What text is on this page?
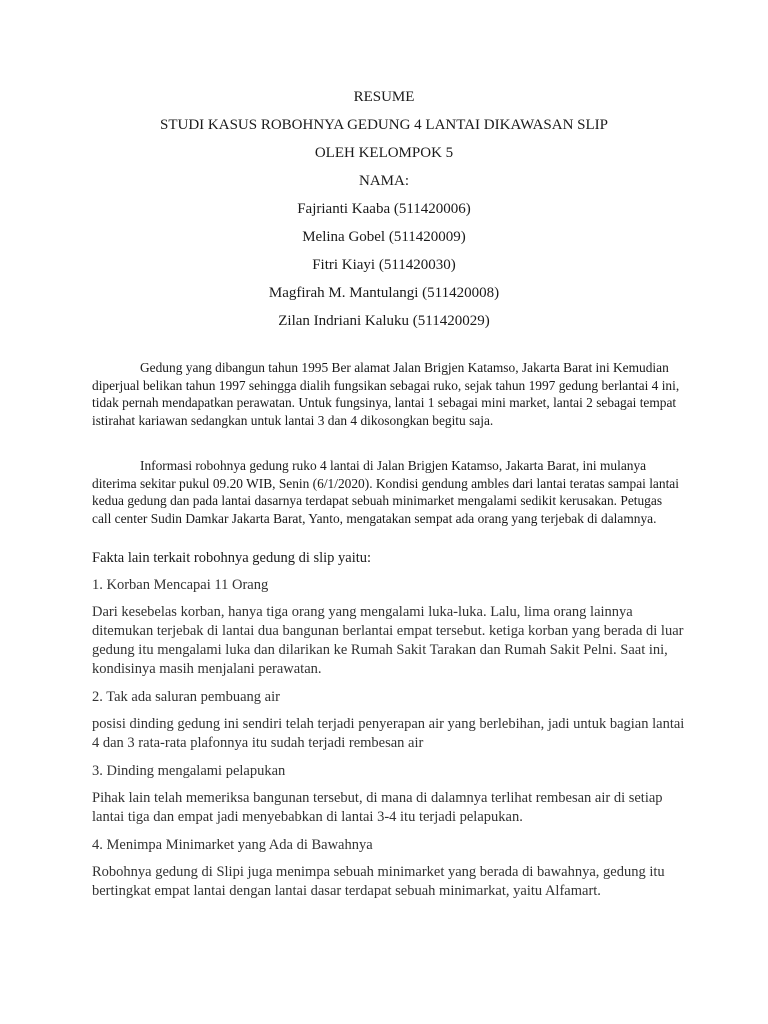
RESUME
STUDI KASUS ROBOHNYA GEDUNG 4 LANTAI DIKAWASAN SLIP
OLEH KELOMPOK 5
NAMA:
Fajrianti Kaaba (511420006)
Melina Gobel (511420009)
Fitri Kiayi (511420030)
Magfirah M. Mantulangi (511420008)
Zilan Indriani Kaluku (511420029)

Gedung yang dibangun tahun 1995 Ber alamat Jalan Brigjen Katamso, Jakarta Barat ini Kemudian diperjual belikan tahun 1997 sehingga dialih fungsikan sebagai ruko, sejak tahun 1997 gedung berlantai 4 ini, tidak pernah mendapatkan perawatan. Untuk fungsinya, lantai 1 sebagai mini market, lantai 2 sebagai tempat istirahat kariawan sedangkan untuk lantai 3 dan 4 dikosongkan begitu saja.

Informasi robohnya gedung ruko 4 lantai di Jalan Brigjen Katamso, Jakarta Barat, ini mulanya diterima sekitar pukul 09.20 WIB, Senin (6/1/2020). Kondisi gendung ambles dari lantai teratas sampai lantai kedua gedung dan pada lantai dasarnya terdapat sebuah minimarket mengalami sedikit kerusakan. Petugas call center Sudin Damkar Jakarta Barat, Yanto, mengatakan sempat ada orang yang terjebak di dalamnya.

Fakta lain terkait robohnya gedung di slip yaitu:

1. Korban Mencapai 11 Orang

Dari kesebelas korban, hanya tiga orang yang mengalami luka-luka. Lalu, lima orang lainnya ditemukan terjebak di lantai dua bangunan berlantai empat tersebut. ketiga korban yang berada di luar gedung itu mengalami luka dan dilarikan ke Rumah Sakit Tarakan dan Rumah Sakit Pelni. Saat ini, kondisinya masih menjalani perawatan.

2. Tak ada saluran pembuang air

posisi dinding gedung ini sendiri telah terjadi penyerapan air yang berlebihan, jadi untuk bagian lantai 4 dan 3 rata-rata plafonnya itu sudah terjadi rembesan air

3. Dinding mengalami pelapukan

Pihak lain telah memeriksa bangunan tersebut, di mana di dalamnya terlihat rembesan air di setiap lantai tiga dan empat jadi menyebabkan di lantai 3-4 itu terjadi pelapukan.

4. Menimpa Minimarket yang Ada di Bawahnya

Robohnya gedung di Slipi juga menimpa sebuah minimarket yang berada di bawahnya, gedung itu bertingkat empat lantai dengan lantai dasar terdapat sebuah minimarkat, yaitu Alfamart.
